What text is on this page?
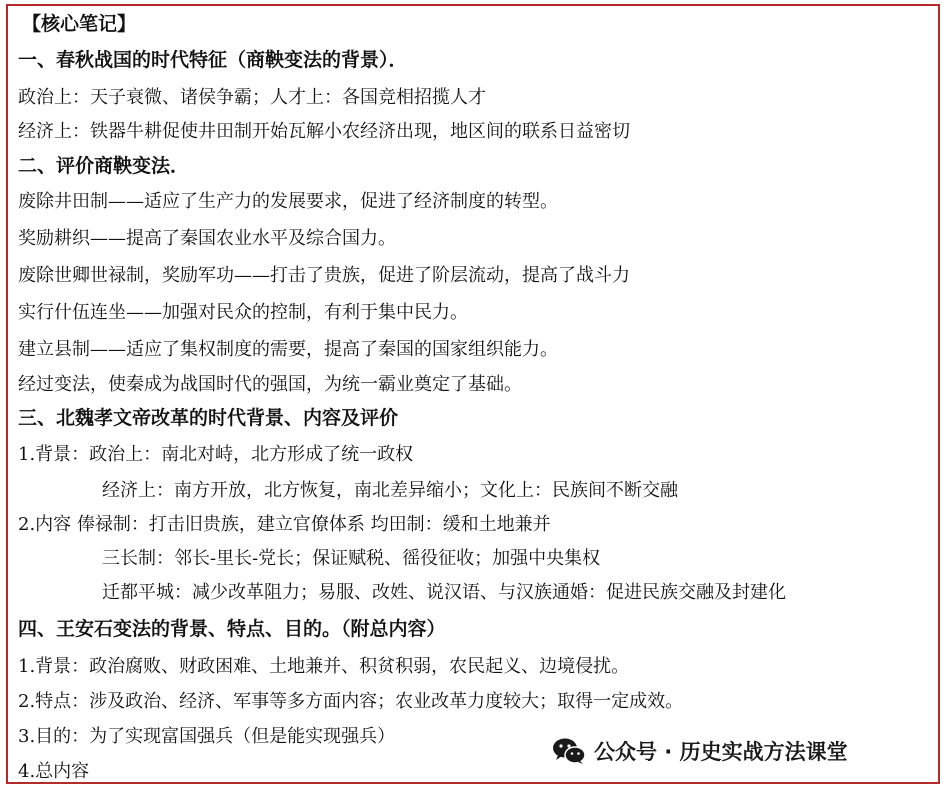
【核心笔记】
一、春秋战国的时代特征（商鞅变法的背景）．
政治上：天子衰微、诸侯争霸；人才上：各国竞相招揽人才
经济上：铁器牛耕促使井田制开始瓦解小农经济出现，地区间的联系日益密切
二、评价商鞅变法．
废除井田制——适应了生产力的发展要求，促进了经济制度的转型。
奖励耕织——提高了秦国农业水平及综合国力。
废除世卿世禄制，奖励军功——打击了贵族，促进了阶层流动，提高了战斗力
实行什伍连坐——加强对民众的控制，有利于集中民力。
建立县制——适应了集权制度的需要，提高了秦国的国家组织能力。
经过变法，使秦成为战国时代的强国，为统一霸业奠定了基础。
三、北魏孝文帝改革的时代背景、内容及评价
1.背景：政治上：南北对峙，北方形成了统一政权
经济上：南方开放，北方恢复，南北差异缩小；文化上：民族间不断交融
2.内容 俸禄制：打击旧贵族，建立官僚体系 均田制：缓和土地兼并
三长制：邻长-里长-党长；保证赋税、徭役征收；加强中央集权
迁都平城：减少改革阻力；易服、改姓、说汉语、与汉族通婚：促进民族交融及封建化
四、王安石变法的背景、特点、目的。（附总内容）
1.背景：政治腐败、财政困难、土地兼并、积贫积弱，农民起义、边境侵扰。
2.特点：涉及政治、经济、军事等多方面内容；农业改革力度较大；取得一定成效。
3.目的：为了实现富国强兵（但是能实现强兵）
4.总内容
公众号 · 历史实战方法课堂
